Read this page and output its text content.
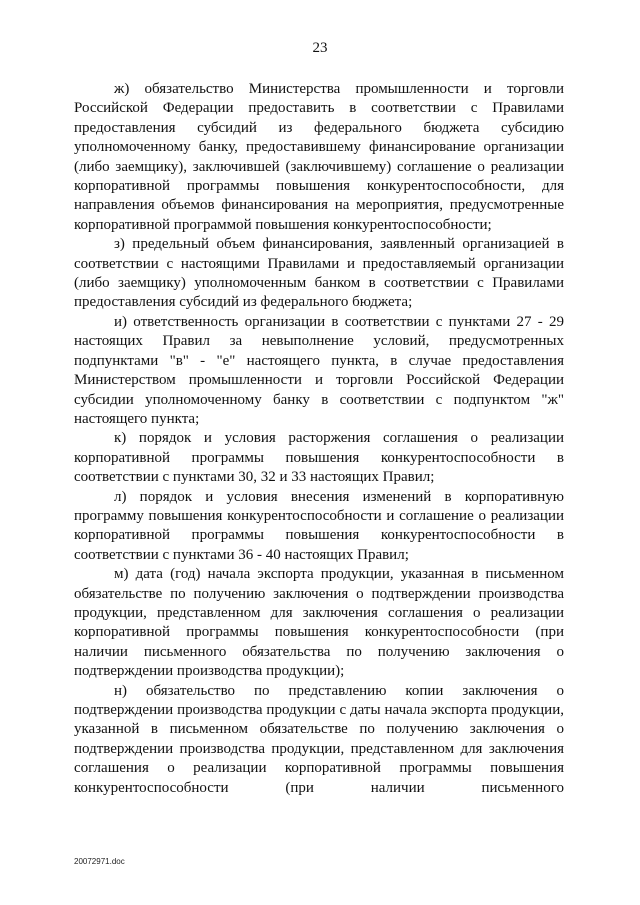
23

ж) обязательство Министерства промышленности и торговли Российской Федерации предоставить в соответствии с Правилами предоставления субсидий из федерального бюджета субсидию уполномоченному банку, предоставившему финансирование организации (либо заемщику), заключившей (заключившему) соглашение о реализации корпоративной программы повышения конкурентоспособности, для направления объемов финансирования на мероприятия, предусмотренные корпоративной программой повышения конкурентоспособности;

з) предельный объем финансирования, заявленный организацией в соответствии с настоящими Правилами и предоставляемый организации (либо заемщику) уполномоченным банком в соответствии с Правилами предоставления субсидий из федерального бюджета;

и) ответственность организации в соответствии с пунктами 27 - 29 настоящих Правил за невыполнение условий, предусмотренных подпунктами "в" - "е" настоящего пункта, в случае предоставления Министерством промышленности и торговли Российской Федерации субсидии уполномоченному банку в соответствии с подпунктом "ж" настоящего пункта;

к) порядок и условия расторжения соглашения о реализации корпоративной программы повышения конкурентоспособности в соответствии с пунктами 30, 32 и 33 настоящих Правил;

л) порядок и условия внесения изменений в корпоративную программу повышения конкурентоспособности и соглашение о реализации корпоративной программы повышения конкурентоспособности в соответствии с пунктами 36 - 40 настоящих Правил;

м) дата (год) начала экспорта продукции, указанная в письменном обязательстве по получению заключения о подтверждении производства продукции, представленном для заключения соглашения о реализации корпоративной программы повышения конкурентоспособности (при наличии письменного обязательства по получению заключения о подтверждении производства продукции);

н) обязательство по представлению копии заключения о подтверждении производства продукции с даты начала экспорта продукции, указанной в письменном обязательстве по получению заключения о подтверждении производства продукции, представленном для заключения соглашения о реализации корпоративной программы повышения конкурентоспособности (при наличии письменного

20072971.doc
